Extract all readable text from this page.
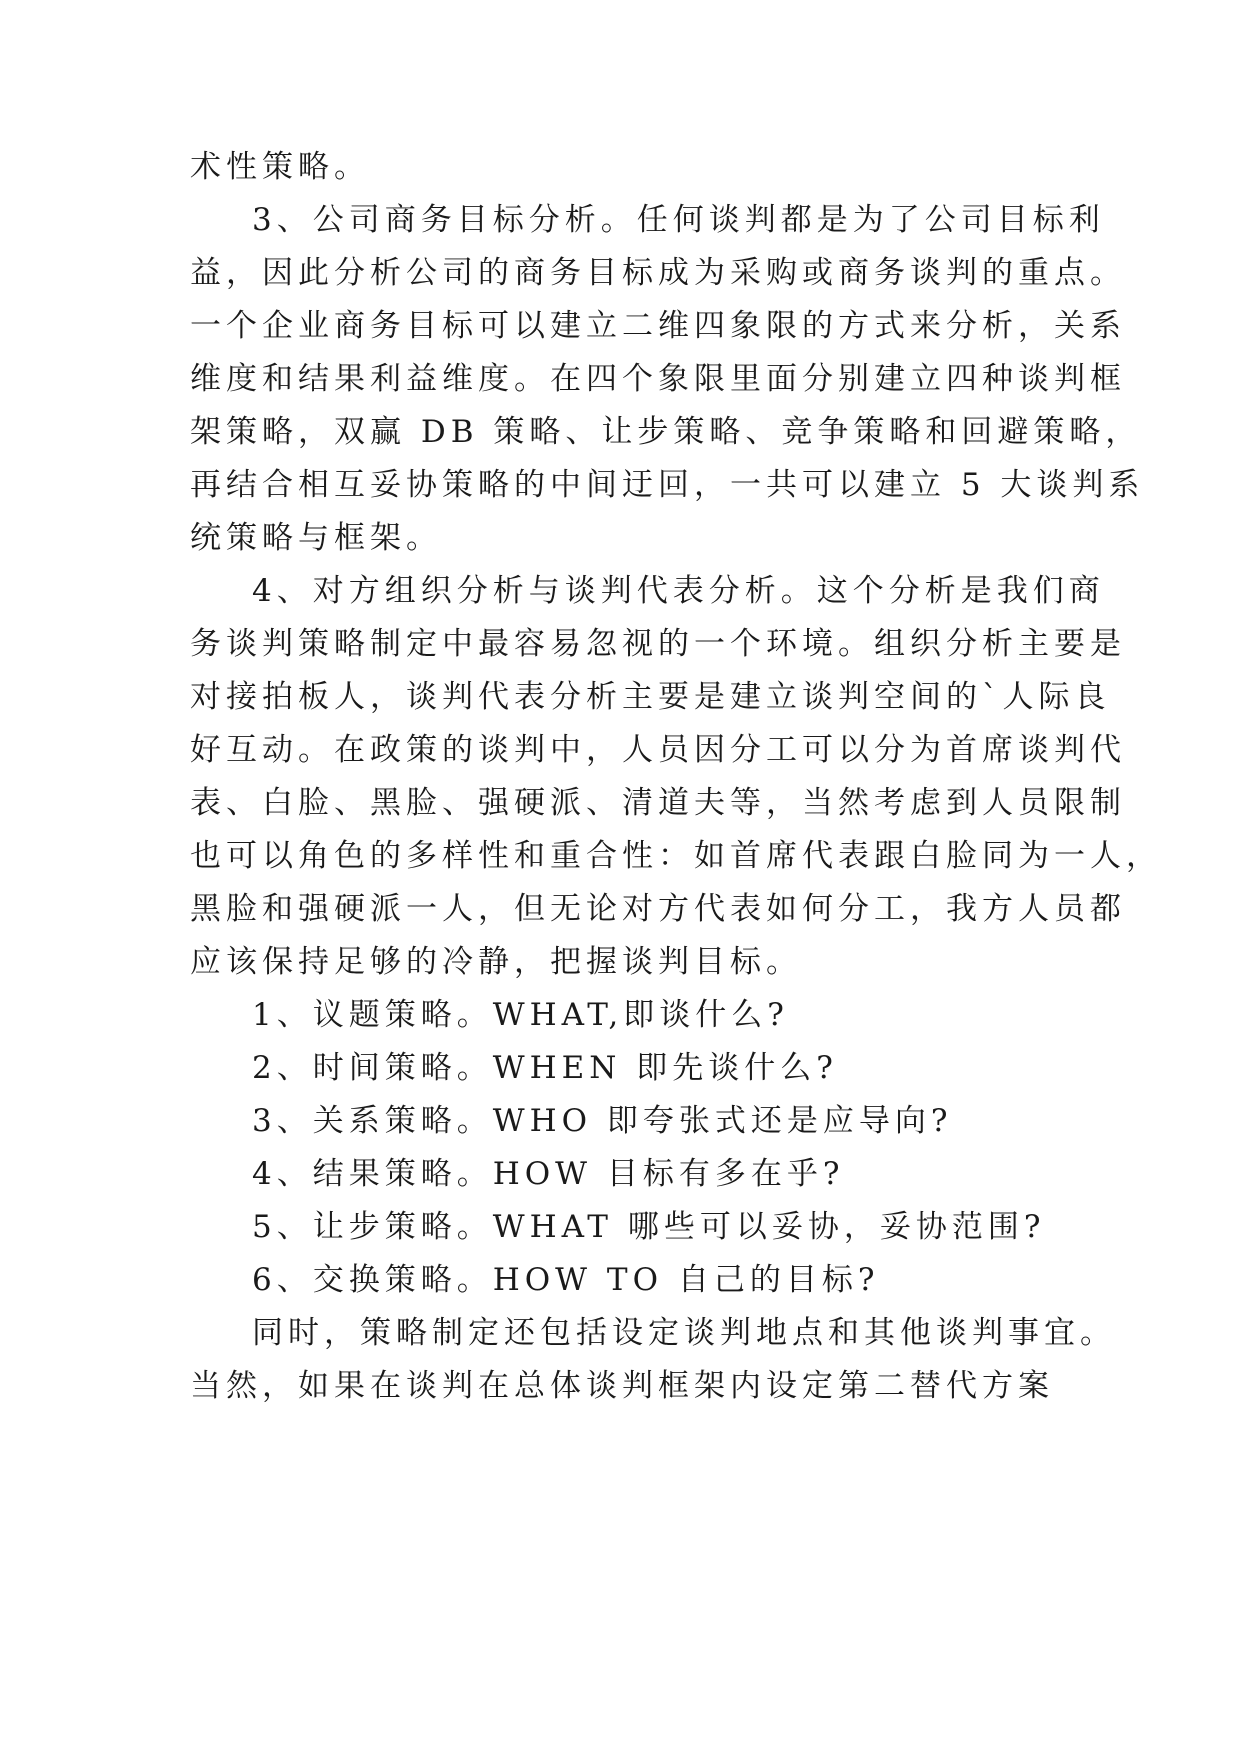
术性策略。
3、公司商务目标分析。任何谈判都是为了公司目标利
益，因此分析公司的商务目标成为采购或商务谈判的重点。
一个企业商务目标可以建立二维四象限的方式来分析，关系
维度和结果利益维度。在四个象限里面分别建立四种谈判框
架策略，双赢 DB 策略、让步策略、竞争策略和回避策略，
再结合相互妥协策略的中间迂回，一共可以建立 5 大谈判系
统策略与框架。
4、对方组织分析与谈判代表分析。这个分析是我们商
务谈判策略制定中最容易忽视的一个环境。组织分析主要是
对接拍板人，谈判代表分析主要是建立谈判空间的`人际良
好互动。在政策的谈判中，人员因分工可以分为首席谈判代
表、白脸、黑脸、强硬派、清道夫等，当然考虑到人员限制
也可以角色的多样性和重合性：如首席代表跟白脸同为一人，
黑脸和强硬派一人，但无论对方代表如何分工，我方人员都
应该保持足够的冷静，把握谈判目标。
1、议题策略。WHAT,即谈什么?
2、时间策略。WHEN 即先谈什么?
3、关系策略。WHO 即夸张式还是应导向?
4、结果策略。HOW 目标有多在乎?
5、让步策略。WHAT 哪些可以妥协，妥协范围?
6、交换策略。HOW TO 自己的目标?
同时，策略制定还包括设定谈判地点和其他谈判事宜。
当然，如果在谈判在总体谈判框架内设定第二替代方案
